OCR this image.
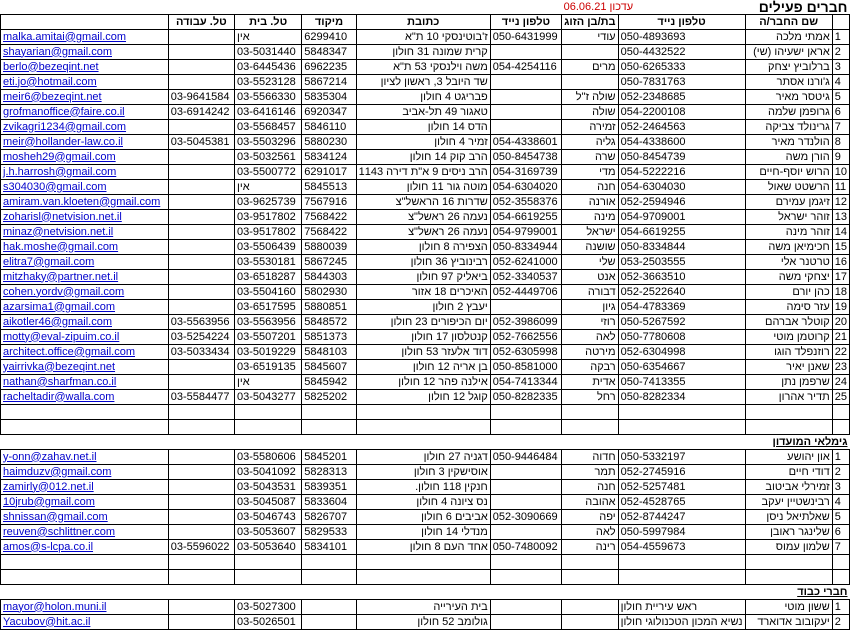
חברים פעילים		עדכון 06.06.21							
	שם החבר/ה	טלפון נייד	בת/בן הזוג	טלפון נייד	כתובת	מיקוד	טל. בית	טל. עבודה	
1	אמתי מלכה	050-4893693	עודי	050-6431999	ז'בוטינסקי 10 ת"א	6299410	אין		malka.amitai@gmail.com
2	אראן ישעיהו (שי)	050-4432522			קרית שמונה 31 חולון	5848347	03-5031440		shayarian@gmail.com
3	ברלוביץ יצחק	050-6265333	מרים	054-4254116	משה וילנסקי 53 ת"א	6962235	03-6445436		berlo@bezeqint.net
4	ג'ורנו אסתר	050-7831763			שד היובל 3, ראשון לציון	5867214	03-5523128		eti.jo@hotmail.com
5	גיטסר מאיר	052-2348685	שולה ז"ל		פבריגט 4 חולון	5835304	03-5566330	03-9641584	meir6@bezeqint.net
6	גרופמן שלמה	054-2200108	שולה		טאגור 49 תל-אביב	6920347	03-6416146	03-6914242	grofmanoffice@faire.co.il
7	גרינולד צביקה	052-2464563	זמירה		הדס 14 חולון	5846110	03-5568457		zvikagri1234@gmail.com
8	הולנדר מאיר	054-4338600	גליה	054-4338601	זמיר 4 חולון	5880230	03-5503296	03-5045381	meir@hollander-law.co.il
9	הורן משה	050-8454739	שרה	050-8454738	הרב קוק 14 חולון	5834124	03-5032561		mosheh29@gmail.com
10	הרוש יוסף-חיים	054-5222216	מדי	054-3169739	הרב ניסים 9 א"ת דירה 1143	6291017	03-5500772		j.h.harrosh@gmail.com
11	הרשטט שאול	054-6304030	חנה	054-6304020	מוטה גור 11 חולון	5845513	אין		s304030@gmail.com
12	זיגמן עמירם	052-2594946	אורנה	052-3558376	שדרות 16 הראשל"צ	7567916	03-9625739		amiram.van.kloeten@gmail.com
13	זוהר ישראל	054-9709001	מינה	054-6619255	נעמה 26 ראשל"צ	7568422	03-9517802		zoharisl@netvision.net.il
14	זוהר מינה	054-6619255	ישראל	054-9799001	נעמה 26 ראשל"צ	7568422	03-9517802		minaz@netvision.net.il
15	חכימיאן משה	050-8334844	שושנה	050-8334944	הצפירה 8 חולון	5880039	03-5506439		hak.moshe@gmail.com
16	טרטנר אלי	053-2503555	שלי	052-6241000	רבינוביץ 36 חולון	5867245	03-5530181		elitra7@gmail.com
17	יצחקי משה	052-3663510	אנט	052-3340537	ביאליק 97 חולון	5844303	03-6518287		mitzhaky@partner.net.il
18	כהן יורם	052-2522640	דבורה	052-4449706	האיכרים 18 אזור	5802930	03-5504160		cohen.yordv@gmail.com
19	עזר סימה	054-4783369	גיון		יעבץ 2 חולון	5880851	03-6517595		azarsima1@gmail.com
20	קוטלר אברהם	050-5267592	רוזי	052-3986099	יום הכיפורים 23 חולון	5848572	03-5563956	03-5563956	aikotler46@gmail.com
21	קרוטמן מוטי	050-7780608	לאה	052-7662556	קנטלסון 17 חולון	5851373	03-5507201	03-5254224	motty@eval-zipuim.co.il
22	רוזנפלד הוגו	052-6304998	מירטה	052-6305998	דוד אלעזר 53 חולון	5848103	03-5019229	03-5033434	architect.office@gmail.com
23	שאנן יאיר	050-6354667	רבקה	050-8581000	בן אריה 12 חולון	5845607	03-6519135		yairrivka@bezeqint.net
24	שרפמן נתן	050-7413355	אדית	054-7413344	אילנה פהר 12 חולון	5845942	אין		nathan@sharfman.co.il
25	תדיר אהרון	050-8282334	רחל	050-8282335	קוגל 12 חולון	5825202	03-5043277	03-5584477	racheltadir@walla.com

גימלאי המועדון									
1	און יהושע	050-5332197	חדוה	050-9446484	דגניה 27 חולון	5845201	03-5580606		y-onn@zahav.net.il
2	דודי חיים	052-2745916	תמר		אוסישקין 3 חולון	5828313	03-5041092		haimduzv@gmail.com
3	זמירלי אביטוב	052-5257481	חנה		חנקין 118 חולון.	5839351	03-5043531		zamirly@012.net.il
4	רבינשטיין יעקב	052-4528765	אהובה		נס ציונה 4 חולון	5833604	03-5045087		10jrub@gmail.com
5	שאלתיאל ניסן	052-8744247	יפה	052-3090669	אביבים 6 חולון	5826707	03-5046743		shnissan@gmail.com
6	שלינגר ראובן	050-5997984	לאה		מנדלי 14 חולון	5829533	03-5053607		reuven@schlittner.com
7	שלמון עמוס	054-4559673	רינה	050-7480092	אחד העם 8 חולון	5834101	03-5053640	03-5596022	amos@s-lcpa.co.il

חברי כבוד									
1	ששון מוטי	ראש עיריית חולון			בית העירייה		03-5027300		mayor@holon.muni.il
2	יעקובוב אדוארד	נשיא המכון הטכנולוגי חולון			גולומב 52 חולון		03-5026501		Yacubov@hit.ac.il
